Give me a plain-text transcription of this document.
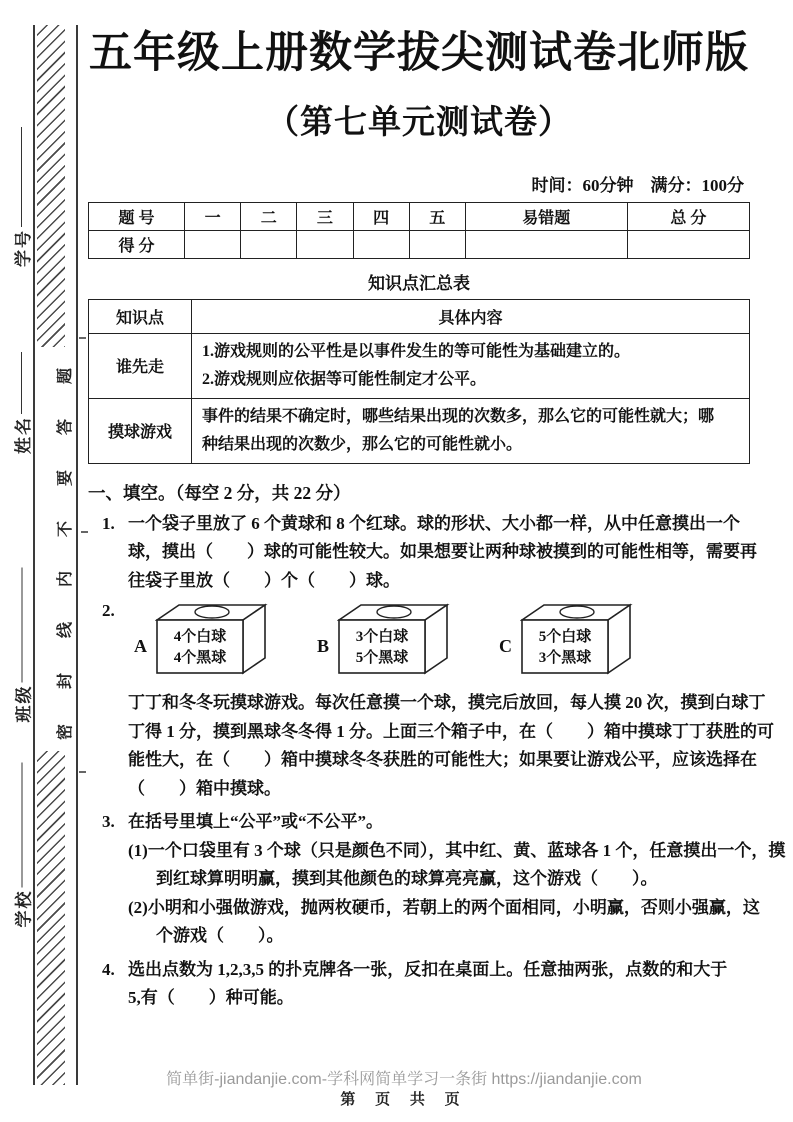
题
答
要
不
内
线
封
密
学号
姓名
班级
学校
五年级上册数学拔尖测试卷北师版
（第七单元测试卷）
时间：60分钟　满分：100分
题 号	一	二	三	四	五	易错题	总 分
得 分							
知识点汇总表
知识点	具体内容
谁先走	1.游戏规则的公平性是以事件发生的等可能性为基础建立的。
2.游戏规则应依据等可能性制定才公平。

摸球游戏	事件的结果不确定时，哪些结果出现的次数多，那么它的可能性就大；哪
种结果出现的次数少，那么它的可能性就小。
一、填空。（每空 2 分，共 22 分）
1. 一个袋子里放了 6 个黄球和 8 个红球。球的形状、大小都一样，从中任意摸出一个
球，摸出（　　）球的可能性较大。如果想要让两种球被摸到的可能性相等，需要再
往袋子里放（　　）个（　　）球。
2.
A 4个白球
4个黑球
B 3个白球
5个黑球
C 5个白球
3个黑球
丁丁和冬冬玩摸球游戏。每次任意摸一个球，摸完后放回，每人摸 20 次，摸到白球丁
丁得 1 分，摸到黑球冬冬得 1 分。上面三个箱子中，在（　　）箱中摸球丁丁获胜的可
能性大，在（　　）箱中摸球冬冬获胜的可能性大；如果要让游戏公平，应该选择在
（　　）箱中摸球。
3. 在括号里填上“公平”或“不公平”。
(1)一个口袋里有 3 个球（只是颜色不同），其中红、黄、蓝球各 1 个，任意摸出一个，摸
到红球算明明赢，摸到其他颜色的球算亮亮赢，这个游戏（　　）。
(2)小明和小强做游戏，抛两枚硬币，若朝上的两个面相同，小明赢，否则小强赢，这
个游戏（　　）。
4. 选出点数为 1,2,3,5 的扑克牌各一张，反扣在桌面上。任意抽两张，点数的和大于
5,有（　　）种可能。
简单街-jiandanjie.com-学科网简单学习一条街 https://jiandanjie.com
第 页 共 页
